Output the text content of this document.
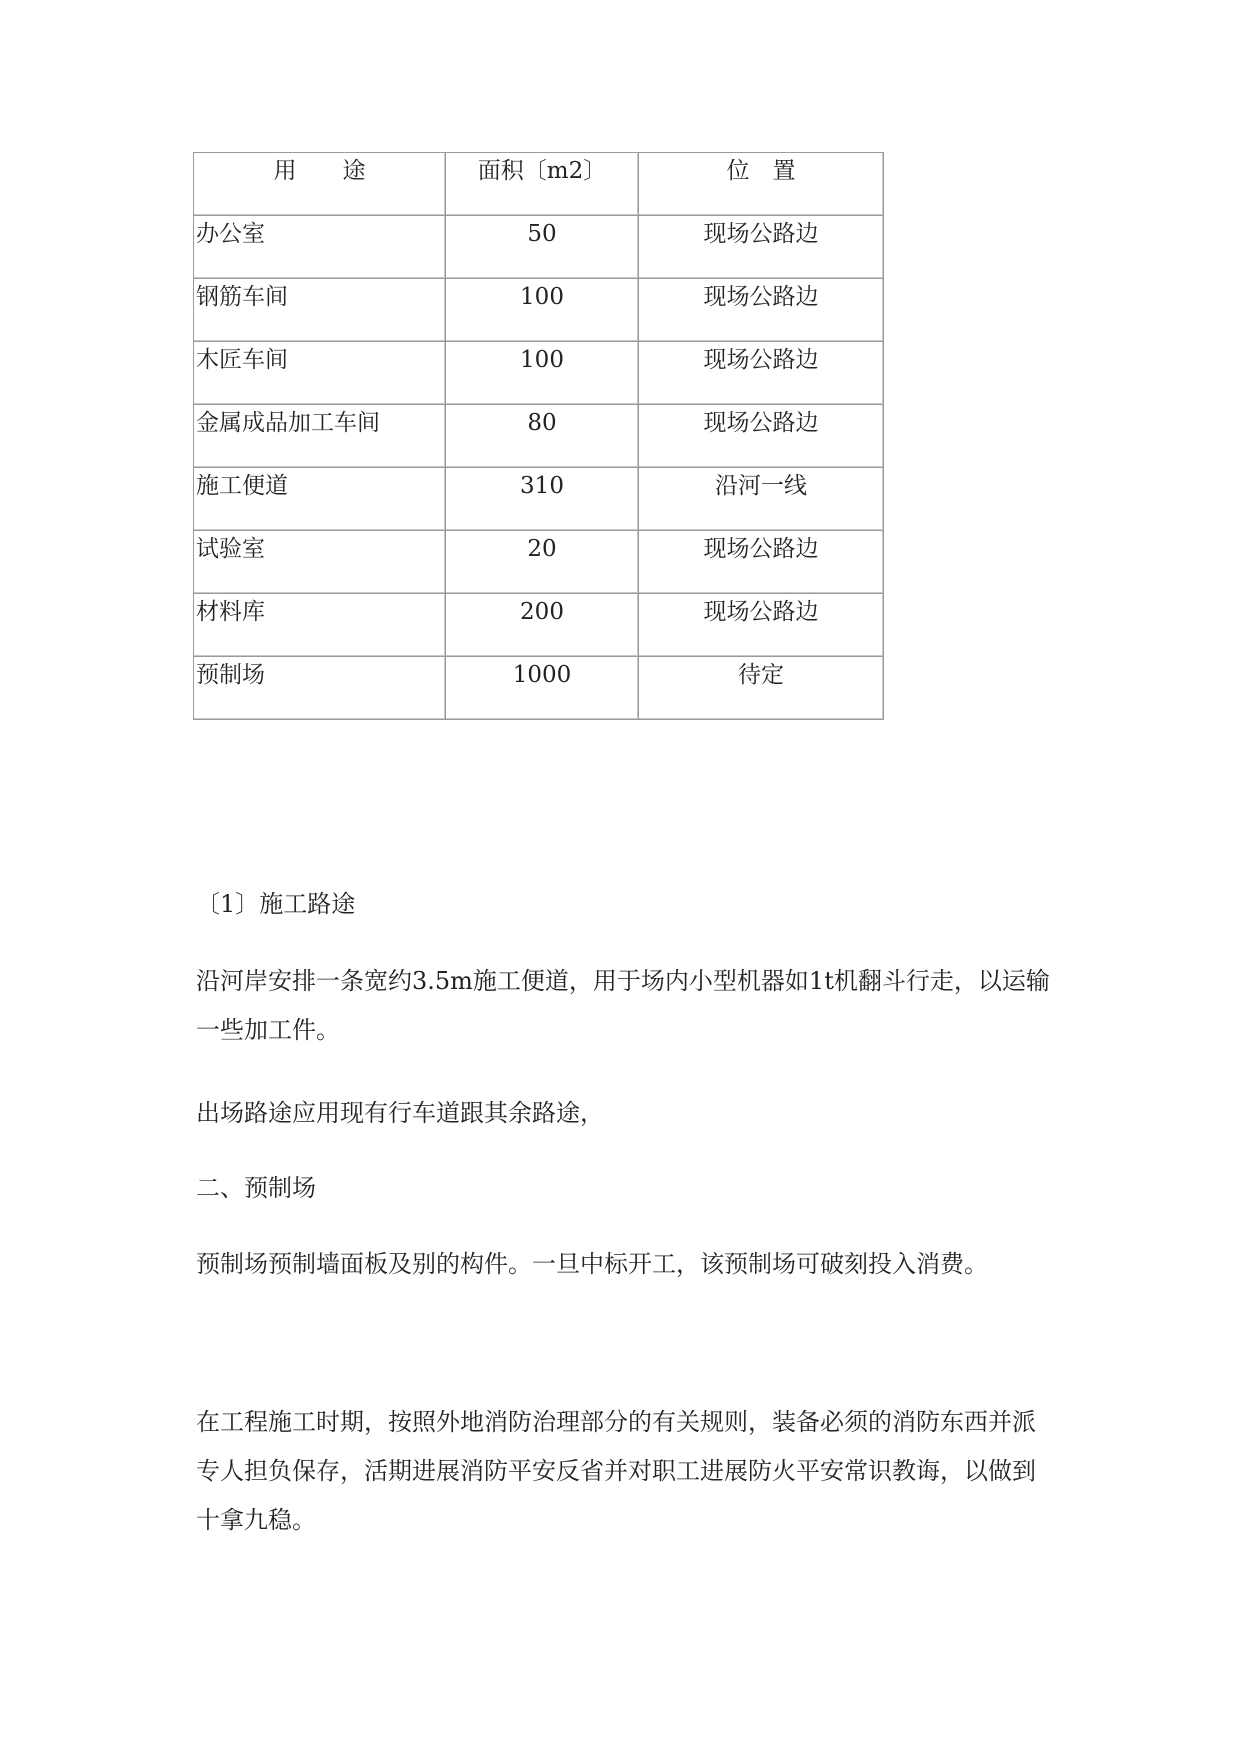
用　　途	面积〔m2〕	位　置
办公室	50	现场公路边
钢筋车间	100	现场公路边
木匠车间	100	现场公路边
金属成品加工车间	80	现场公路边
施工便道	310	沿河一线
试验室	20	现场公路边
材料库	200	现场公路边
预制场	1000	待定

〔1〕施工路途

沿河岸安排一条宽约3.5m施工便道，用于场内小型机器如1t机翻斗行走，以运输一些加工件。

出场路途应用现有行车道跟其余路途，

二、预制场

预制场预制墙面板及别的构件。一旦中标开工，该预制场可破刻投入消费。

在工程施工时期，按照外地消防治理部分的有关规则，装备必须的消防东西并派专人担负保存，活期进展消防平安反省并对职工进展防火平安常识教诲，以做到十拿九稳。
